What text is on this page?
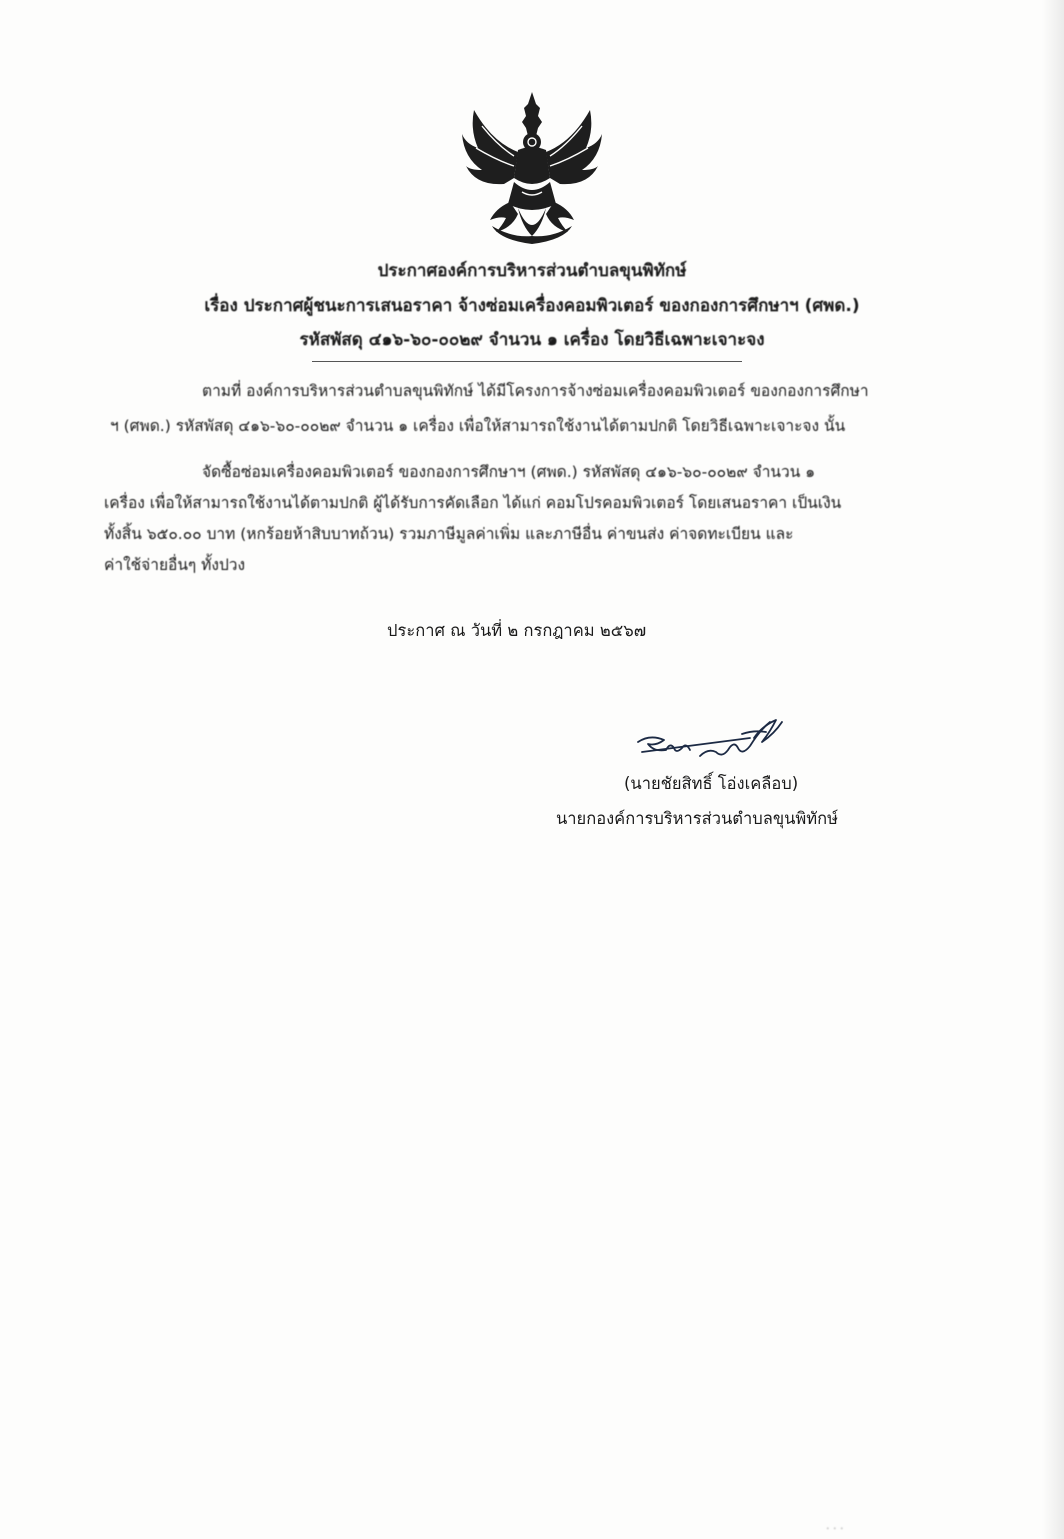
ประกาศองค์การบริหารส่วนตำบลขุนพิทักษ์
เรื่อง ประกาศผู้ชนะการเสนอราคา จ้างซ่อมเครื่องคอมพิวเตอร์ ของกองการศึกษาฯ (ศพด.)
รหัสพัสดุ ๔๑๖-๖๐-๐๐๒๙ จำนวน ๑ เครื่อง โดยวิธีเฉพาะเจาะจง
ตามที่ องค์การบริหารส่วนตำบลขุนพิทักษ์ ได้มีโครงการจ้างซ่อมเครื่องคอมพิวเตอร์ ของกองการศึกษา
ฯ (ศพด.) รหัสพัสดุ ๔๑๖-๖๐-๐๐๒๙ จำนวน ๑ เครื่อง เพื่อให้สามารถใช้งานได้ตามปกติ โดยวิธีเฉพาะเจาะจง นั้น
จัดซื้อซ่อมเครื่องคอมพิวเตอร์ ของกองการศึกษาฯ (ศพด.) รหัสพัสดุ ๔๑๖-๖๐-๐๐๒๙ จำนวน ๑
เครื่อง เพื่อให้สามารถใช้งานได้ตามปกติ ผู้ได้รับการคัดเลือก ได้แก่ คอมโปรคอมพิวเตอร์ โดยเสนอราคา เป็นเงิน
ทั้งสิ้น ๖๕๐.๐๐ บาท (หกร้อยห้าสิบบาทถ้วน) รวมภาษีมูลค่าเพิ่ม และภาษีอื่น ค่าขนส่ง ค่าจดทะเบียน และ
ค่าใช้จ่ายอื่นๆ ทั้งปวง
ประกาศ ณ วันที่ ๒ กรกฎาคม ๒๕๖๗
(นายชัยสิทธิ์ โอ่งเคลือบ)
นายกองค์การบริหารส่วนตำบลขุนพิทักษ์
· · ·
